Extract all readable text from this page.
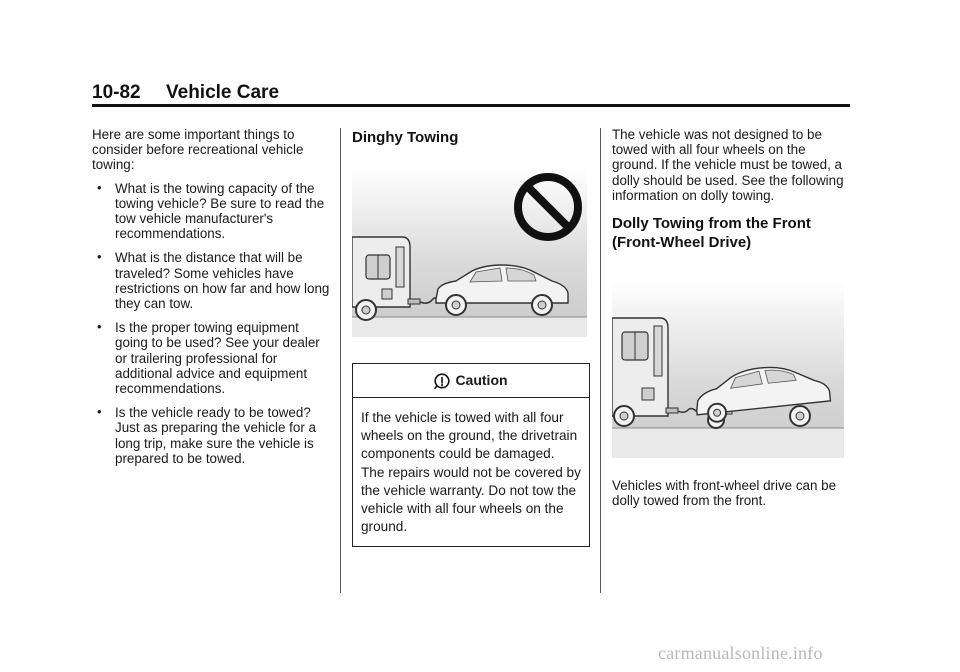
10-82 Vehicle Care

Here are some important things to consider before recreational vehicle towing:

• What is the towing capacity of the towing vehicle? Be sure to read the tow vehicle manufacturer's recommendations.
• What is the distance that will be traveled? Some vehicles have restrictions on how far and how long they can tow.
• Is the proper towing equipment going to be used? See your dealer or trailering professional for additional advice and equipment recommendations.
• Is the vehicle ready to be towed? Just as preparing the vehicle for a long trip, make sure the vehicle is prepared to be towed.
Dinghy Towing
Caution
If the vehicle is towed with all four wheels on the ground, the drivetrain components could be damaged. The repairs would not be covered by the vehicle warranty. Do not tow the vehicle with all four wheels on the ground.

The vehicle was not designed to be towed with all four wheels on the ground. If the vehicle must be towed, a dolly should be used. See the following information on dolly towing.

Dolly Towing from the Front
(Front-Wheel Drive)

Vehicles with front-wheel drive can be dolly towed from the front.

carmanualsonline.info
